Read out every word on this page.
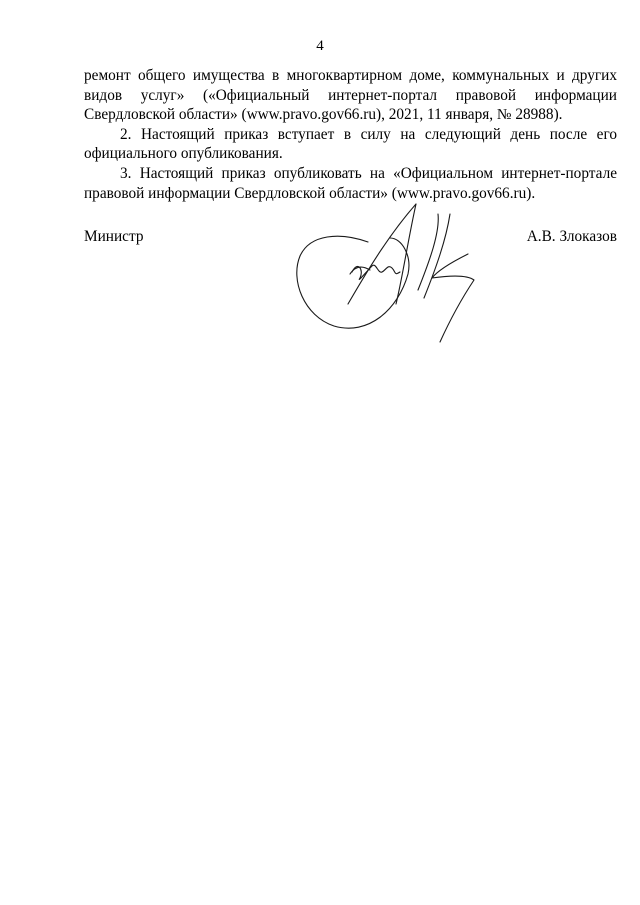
4

ремонт общего имущества в многоквартирном доме, коммунальных и других видов услуг» («Официальный интернет-портал правовой информации Свердловской области» (www.pravo.gov66.ru), 2021, 11 января, № 28988).

2. Настоящий приказ вступает в силу на следующий день после его официального опубликования.

3. Настоящий приказ опубликовать на «Официальном интернет-портале правовой информации Свердловской области» (www.pravo.gov66.ru).

Министр	А.В. Злоказов
